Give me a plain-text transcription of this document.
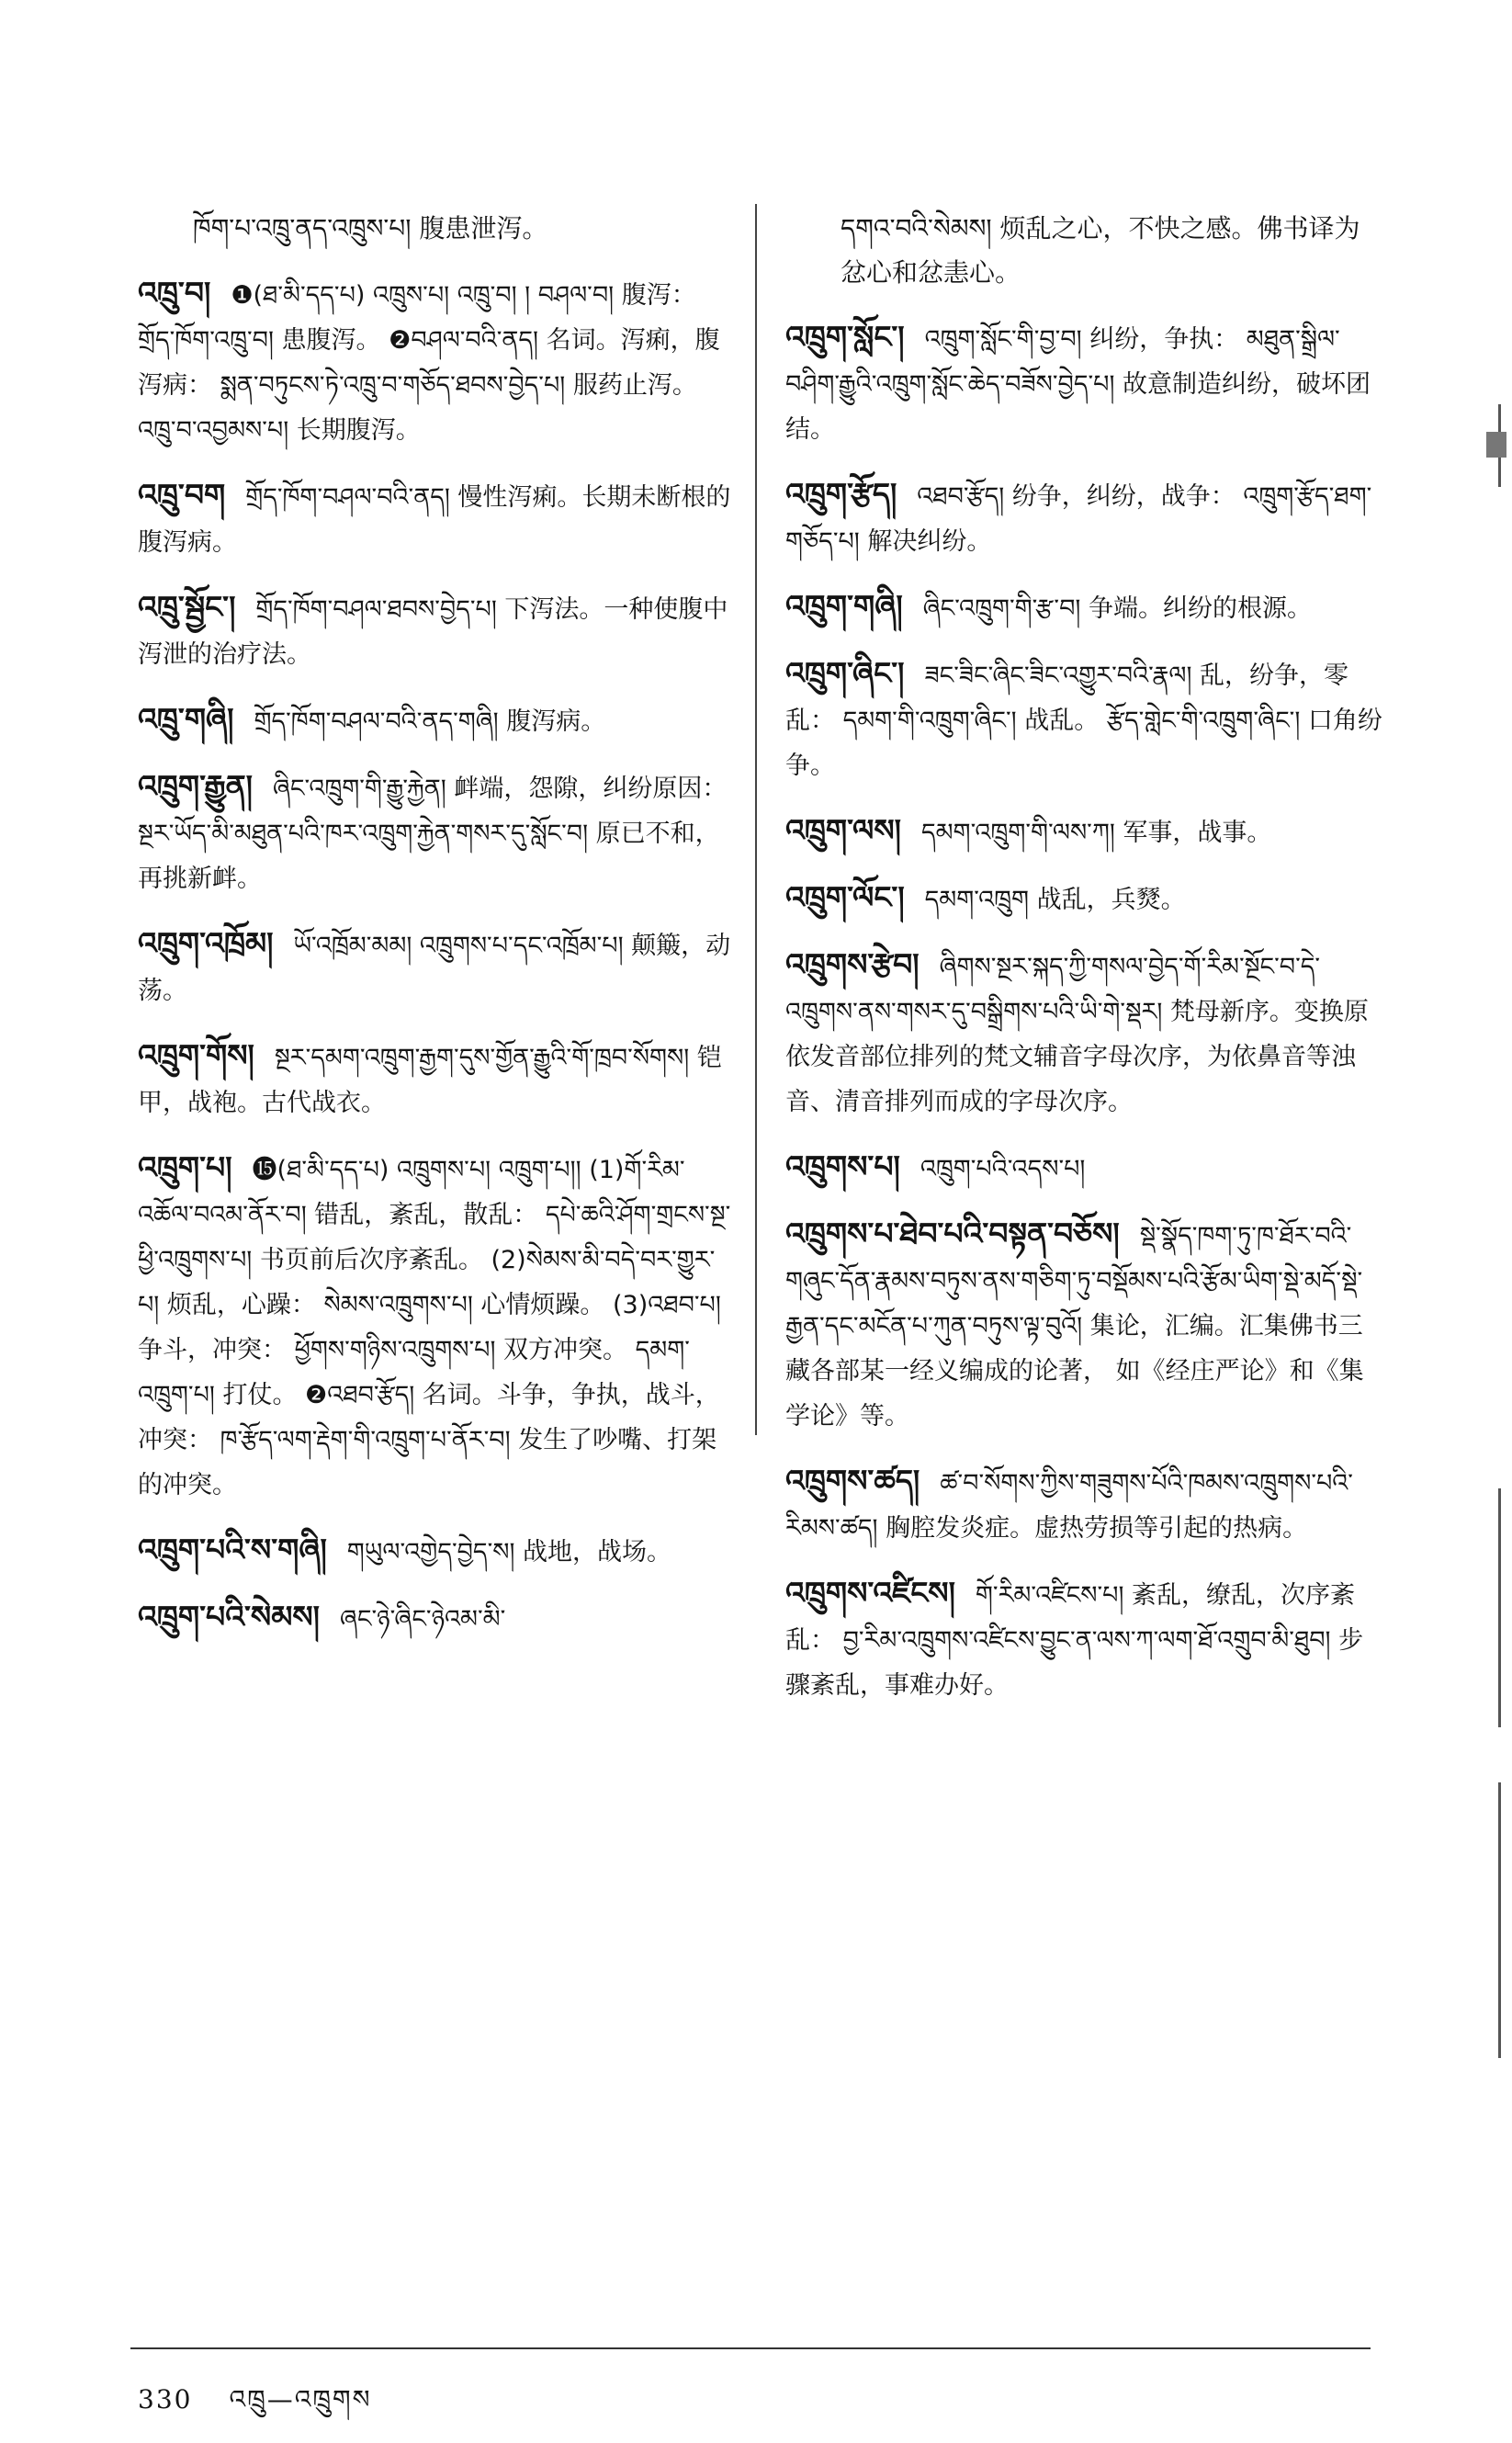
ཁོག་པ་འཁྲུ་ནད་འཁྲུས་པ། 腹患泄泻。
འཁྲུ་བ། ❶(ཐ་མི་དད་པ) འཁྲུས་པ། འཁྲུ་བ། ། བཤལ་བ། 腹泻： གྲོད་ཁོག་འཁྲུ་བ། 患腹泻。 ❷བཤལ་བའི་ནད། 名词。泻痢，腹泻病： སྨན་བཏུངས་ཏེ་འཁྲུ་བ་གཅོད་ཐབས་བྱེད་པ། 服药止泻。 འཁྲུ་བ་འབྱམས་པ། 长期腹泻。
འཁྲུ་བག གྲོད་ཁོག་བཤལ་བའི་ནད། 慢性泻痢。长期未断根的腹泻病。
འཁྲུ་སྦྱོང་། གྲོད་ཁོག་བཤལ་ཐབས་བྱེད་པ། 下泻法。一种使腹中泻泄的治疗法。
འཁྲུ་གཞི། གྲོད་ཁོག་བཤལ་བའི་ནད་གཞི། 腹泻病。
འཁྲུག་རྒྱུན། ཞིང་འཁྲུག་གི་རྒྱུ་རྐྱེན། 衅端，怨隙，纠纷原因： སྔར་ཡོད་མི་མཐུན་པའི་ཁར་འཁྲུག་རྐྱེན་གསར་དུ་སློང་བ། 原已不和，再挑新衅。
འཁྲུག་འཁྲོམ། ཡོ་འཁྲོམ་མམ། འཁྲུགས་པ་དང་འཁྲོམ་པ། 颠簸，动荡。
འཁྲུག་གོས། སྔར་དམག་འཁྲུག་རྒྱག་དུས་གྱོན་རྒྱུའི་གོ་ཁྲབ་སོགས། 铠甲，战袍。古代战衣。
འཁྲུག་པ། ⓯(ཐ་མི་དད་པ) འཁྲུགས་པ། འཁྲུག་པ།། (1)གོ་རིམ་འཆོལ་བའམ་ནོར་བ། 错乱，紊乱，散乱： དཔེ་ཆའི་ཤོག་གྲངས་སྔ་ཕྱི་འཁྲུགས་པ། 书页前后次序紊乱。 (2)སེམས་མི་བདེ་བར་གྱུར་པ། 烦乱，心躁： སེམས་འཁྲུགས་པ། 心情烦躁。 (3)འཐབ་པ། 争斗，冲突： ཕྱོགས་གཉིས་འཁྲུགས་པ། 双方冲突。 དམག་འཁྲུག་པ། 打仗。 ❷འཐབ་རྩོད། 名词。斗争，争执，战斗，冲突： ཁ་རྩོད་ལག་རྡེག་གི་འཁྲུག་པ་ནོར་བ། 发生了吵嘴、打架的冲突。
འཁྲུག་པའི་ས་གཞི། གཡུལ་འགྱེད་བྱེད་ས། 战地，战场。
འཁྲུག་པའི་སེམས། ཞང་ཉེ་ཞིང་ཉེའམ་མི་
དགའ་བའི་སེམས། 烦乱之心，不快之感。佛书译为忿心和忿恚心。
འཁྲུག་སློང་། འཁྲུག་སློང་གི་བྱ་བ། 纠纷，争执： མཐུན་སྒྲིལ་བཤིག་རྒྱུའི་འཁྲུག་སློང་ཆེད་བཟོས་བྱེད་པ། 故意制造纠纷，破坏团结。
འཁྲུག་རྩོད། འཐབ་རྩོད། 纷争，纠纷，战争： འཁྲུག་རྩོད་ཐག་གཅོད་པ། 解决纠纷。
འཁྲུག་གཞི། ཞིང་འཁྲུག་གི་རྩ་བ། 争端。纠纷的根源。
འཁྲུག་ཞིང་། ཟང་ཟིང་ཞིང་ཟིང་འགྱུར་བའི་རྣལ། 乱，纷争，零乱： དམག་གི་འཁྲུག་ཞིང་། 战乱。 རྩོད་གླེང་གི་འཁྲུག་ཞིང་། 口角纷争。
འཁྲུག་ལས། དམག་འཁྲུག་གི་ལས་ཀ། 军事，战事。
འཁྲུག་ལོང་། དམག་འཁྲུག 战乱，兵燹。
འཁྲུགས་རྩེབ། ཞིགས་སྔར་སྐད་ཀྱི་གསལ་བྱེད་གོ་རིམ་སྔོང་བ་དེ་འཁྲུགས་ནས་གསར་དུ་བསྒྲིགས་པའི་ཡི་གེ་སྡར། 梵母新序。变换原依发音部位排列的梵文辅音字母次序，为依鼻音等浊音、清音排列而成的字母次序。
འཁྲུགས་པ། འཁྲུག་པའི་འདས་པ།
འཁྲུགས་པ་ཐེབ་པའི་བསྟན་བཅོས། སྡེ་སྣོད་ཁག་ཏུ་ཁ་ཐོར་བའི་གཞུང་དོན་རྣམས་བཏུས་ནས་གཅིག་ཏུ་བསྡོམས་པའི་རྩོམ་ཡིག་སྡེ་མདོ་སྡེ་རྒྱན་དང་མངོན་པ་ཀུན་བཏུས་ལྟ་བུའོ། 集论，汇编。汇集佛书三藏各部某一经义编成的论著， 如《经庄严论》和《集学论》等。
འཁྲུགས་ཚད། ཚ་བ་སོགས་ཀྱིས་གཟུགས་པོའི་ཁམས་འཁྲུགས་པའི་རིམས་ཚད། 胸腔发炎症。虚热劳损等引起的热病。
འཁྲུགས་འཛིངས། གོ་རིམ་འཛིངས་པ། 紊乱，缭乱，次序紊乱： བྱ་རིམ་འཁྲུགས་འཛིངས་བྱུང་ན་ལས་ཀ་ལག་ཐོ་འགྲུབ་མི་ཐུབ། 步骤紊乱，事难办好。
330 འཁྲུ—འཁྲུགས
